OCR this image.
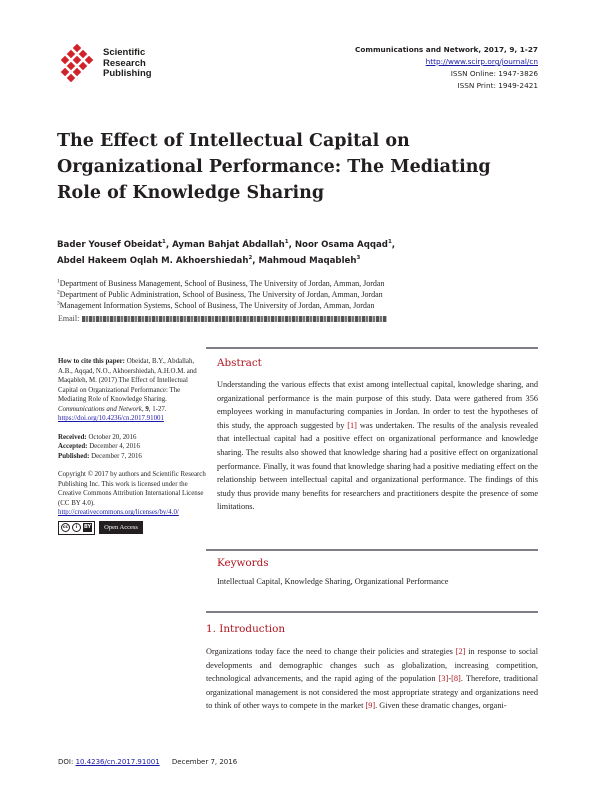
Scientific
Research
Publishing
Communications and Network, 2017, 9, 1-27
http://www.scirp.org/journal/cn
ISSN Online: 1947-3826
ISSN Print: 1949-2421
The Effect of Intellectual Capital on Organizational Performance: The Mediating Role of Knowledge Sharing
Bader Yousef Obeidat$^1$, Ayman Bahjat Abdallah$^1$, Noor Osama Aqqad$^1$,
Abdel Hakeem Oqlah M. Akhoershiedah$^2$, Mahmoud Maqableh$^3$
$^1$Department of Business Management, School of Business, The University of Jordan, Amman, Jordan
$^2$Department of Public Administration, School of Business, The University of Jordan, Amman, Jordan
$^3$Management Information Systems, School of Business, The University of Jordan, Amman, Jordan
Email:
How to cite this paper: Obeidat, B.Y., Abdallah, A.B., Aqqad, N.O., Akhoershiedah, A.H.O.M. and Maqableh, M. (2017) The Effect of Intellectual Capital on Organizational Performance: The Mediating Role of Knowledge Sharing. Communications and Network, 9, 1-27.
https://doi.org/10.4236/cn.2017.91001
Received: October 20, 2016
Accepted: December 4, 2016
Published: December 7, 2016
Copyright © 2017 by authors and Scientific Research Publishing Inc. This work is licensed under the Creative Commons Attribution International License (CC BY 4.0).
http://creativecommons.org/licenses/by/4.0/
cc	i	BY	Open Access
Abstract

Understanding the various effects that exist among intellectual capital, knowledge sharing, and organizational performance is the main purpose of this study. Data were gathered from 356 employees working in manufacturing companies in Jordan. In order to test the hypotheses of this study, the approach suggested by [1] was undertaken. The results of the analysis revealed that intellectual capital had a positive effect on organizational performance and knowledge sharing. The results also showed that knowledge sharing had a positive effect on organizational performance. Finally, it was found that knowledge sharing had a positive mediating effect on the relationship between intellectual capital and organizational performance. The findings of this study thus provide many benefits for researchers and practitioners despite the presence of some limitations.

Keywords

Intellectual Capital, Knowledge Sharing, Organizational Performance

1. Introduction

Organizations today face the need to change their policies and strategies [2] in response to social developments and demographic changes such as globalization, increasing competition, technological advancements, and the rapid aging of the population [3]-[8]. Therefore, traditional organizational management is not considered the most appropriate strategy and organizations need to think of other ways to compete in the market [9]. Given these dramatic changes, organi-

DOI: 10.4236/cn.2017.91001 December 7, 2016
